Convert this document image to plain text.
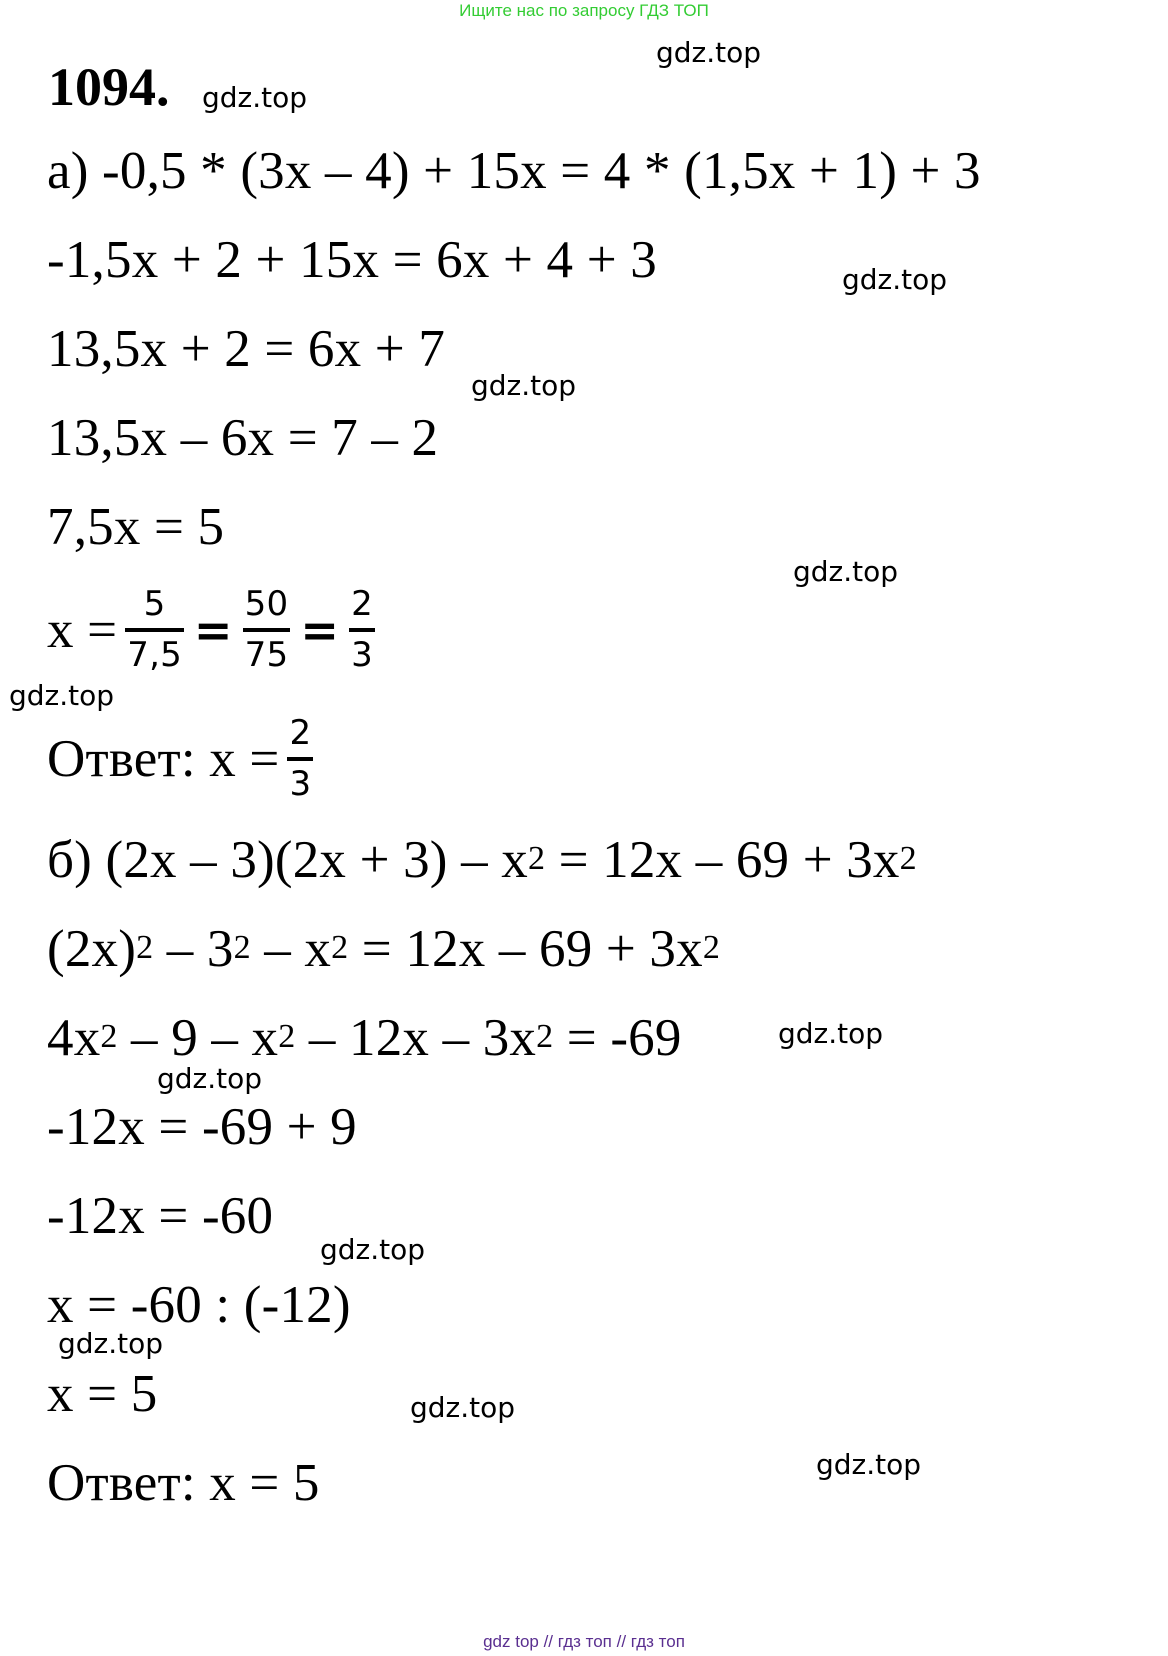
Ищите нас по запросу ГДЗ ТОП
gdz.top
gdz.top
gdz.top
gdz.top
gdz.top
gdz.top
gdz.top
gdz.top
gdz.top
gdz.top
gdz.top
gdz.top
1094.
а) -0,5 * (3x – 4) + 15x = 4 * (1,5x + 1) + 3
-1,5x + 2 + 15x = 6x + 4 + 3
13,5x + 2 = 6x + 7
13,5x – 6x = 7 – 2
7,5x = 5
$x = \frac{5}{7,5} = \frac{50}{75} = \frac{2}{3}$
Ответ: $x = \frac{2}{3}$
б) $(2x - 3)(2x + 3) - x^2 = 12x - 69 + 3x^2$
$(2x)^2 - 3^2 - x^2 = 12x - 69 + 3x^2$
$4x^2 - 9 - x^2 - 12x - 3x^2 = -69$
-12x = -69 + 9
-12x = -60
x = -60 : (-12)
x = 5
Ответ: x = 5
gdz top // гдз топ // гдз топ
